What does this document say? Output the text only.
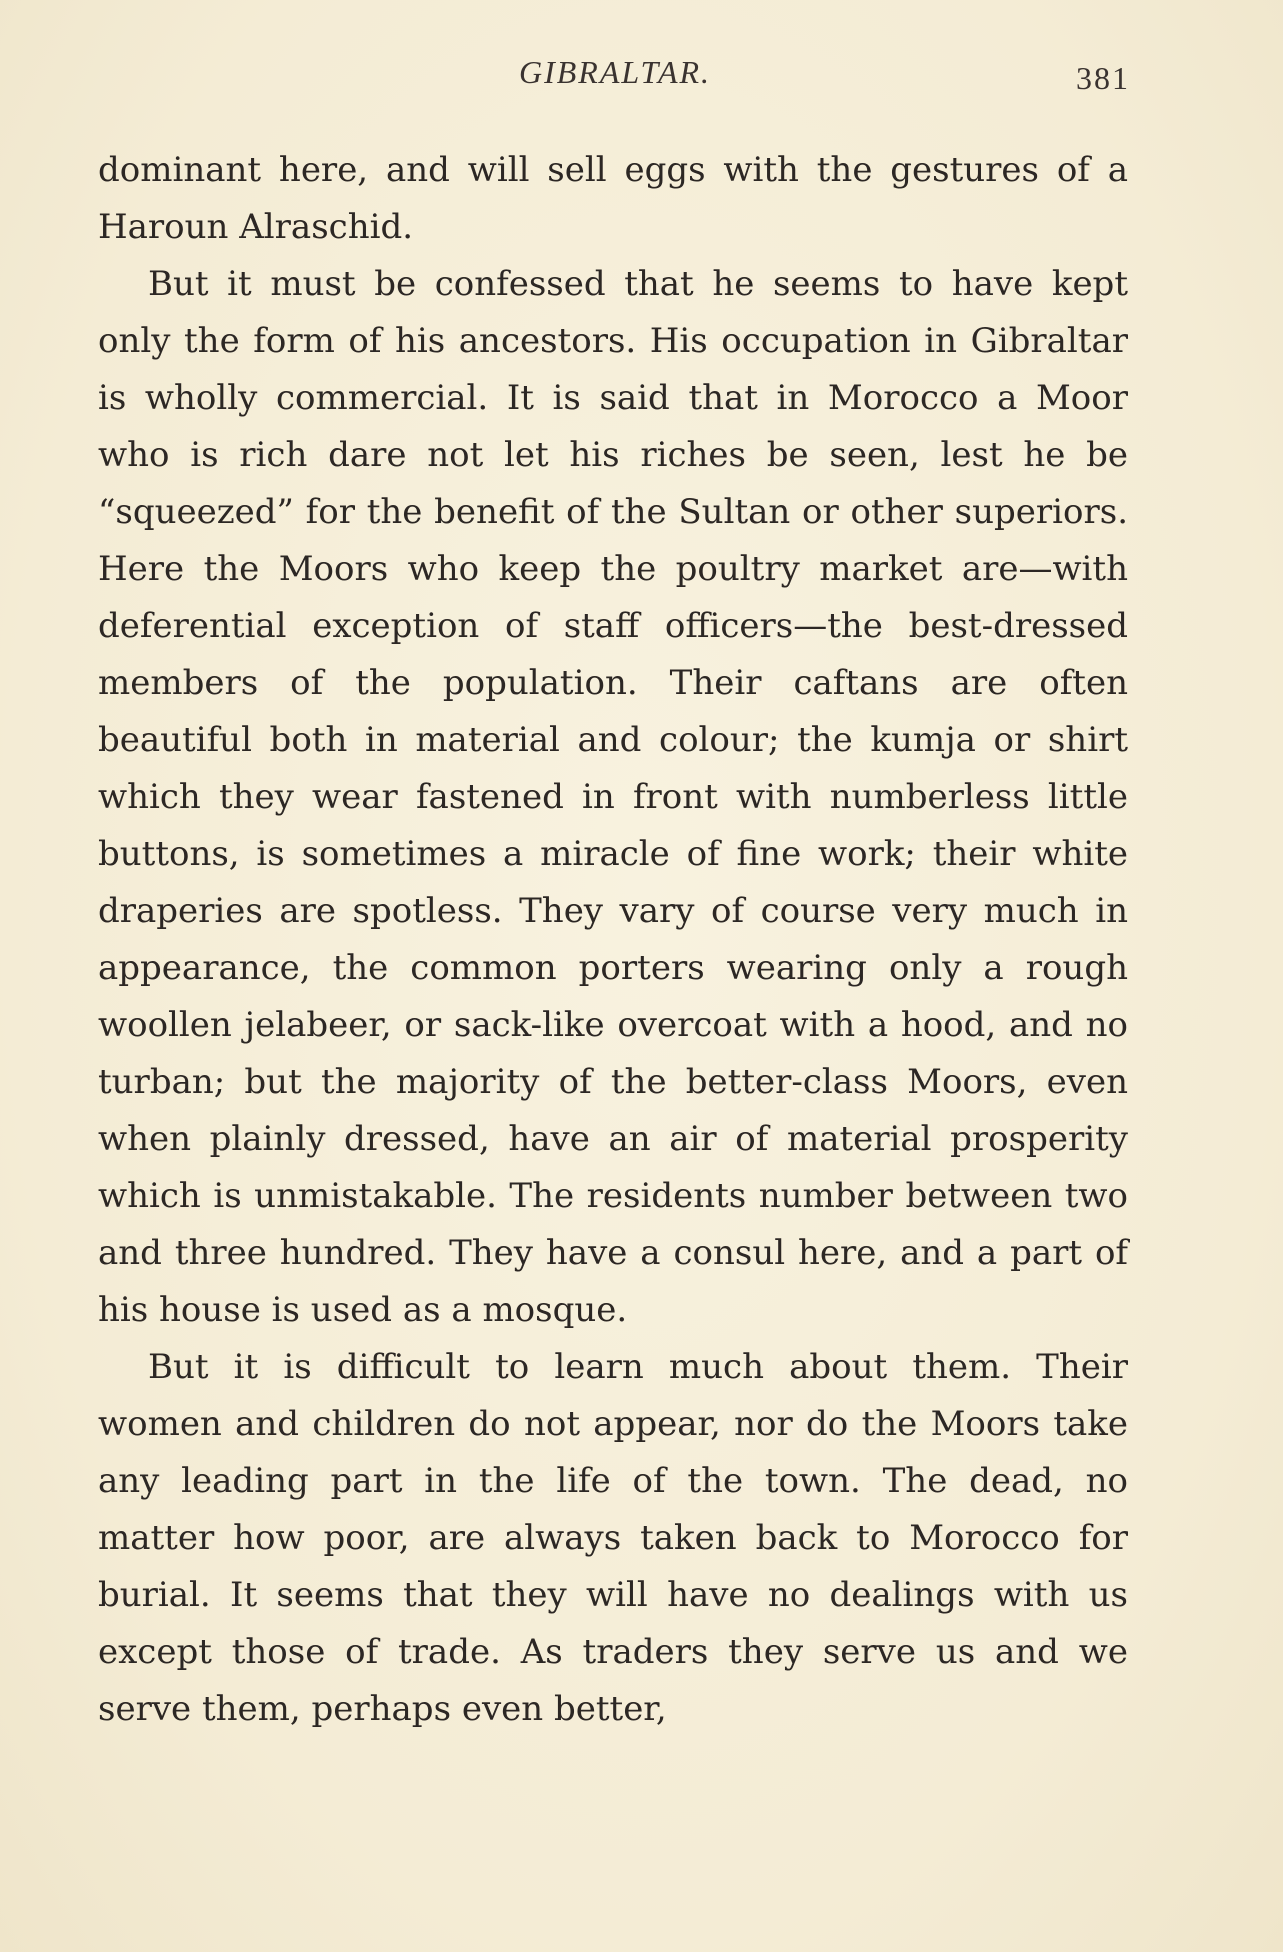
GIBRALTAR.	381

dominant here, and will sell eggs with the gestures of a Haroun Alraschid.

But it must be confessed that he seems to have kept only the form of his ancestors. His occupation in Gibraltar is wholly commercial. It is said that in Morocco a Moor who is rich dare not let his riches be seen, lest he be “squeezed” for the benefit of the Sultan or other superiors. Here the Moors who keep the poultry market are—with deferential exception of staff officers—the best-dressed members of the population. Their caftans are often beautiful both in material and colour; the kumja or shirt which they wear fastened in front with numberless little buttons, is sometimes a miracle of fine work; their white draperies are spotless. They vary of course very much in appearance, the common porters wearing only a rough woollen jelabeer, or sack-like overcoat with a hood, and no turban; but the majority of the better-class Moors, even when plainly dressed, have an air of material prosperity which is unmistakable. The residents number between two and three hundred. They have a consul here, and a part of his house is used as a mosque.

But it is difficult to learn much about them. Their women and children do not appear, nor do the Moors take any leading part in the life of the town. The dead, no matter how poor, are always taken back to Morocco for burial. It seems that they will have no dealings with us except those of trade. As traders they serve us and we serve them, perhaps even better,
